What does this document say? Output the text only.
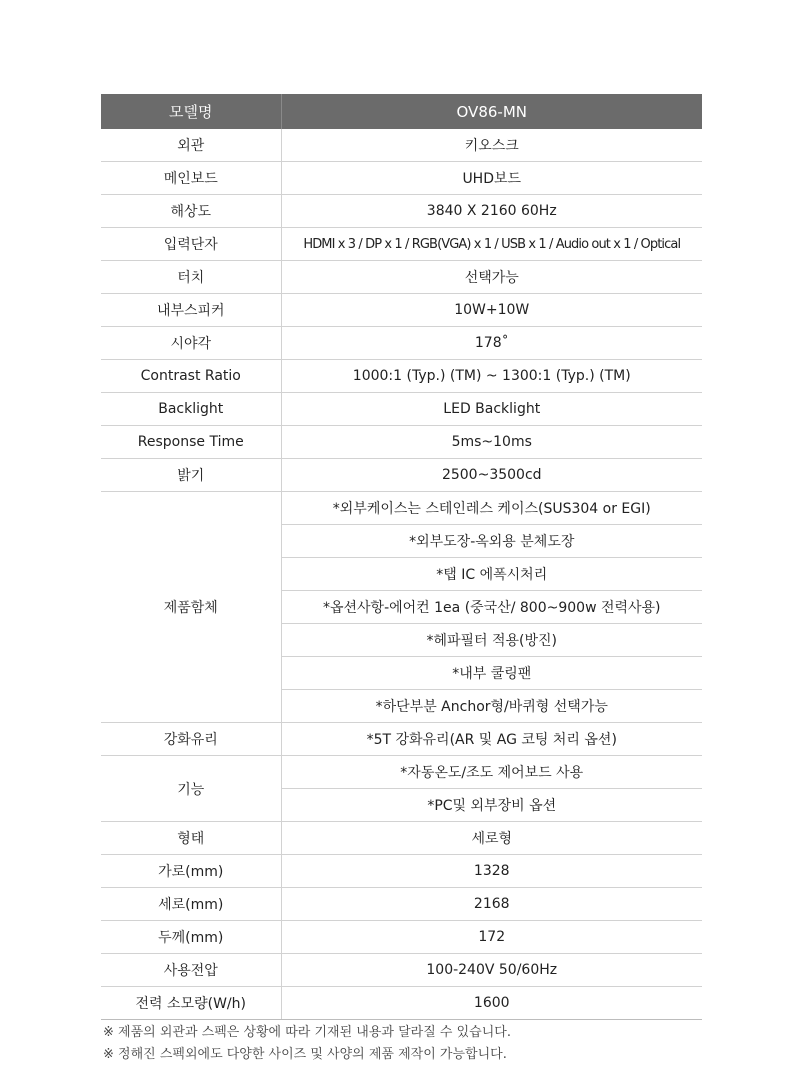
모델명	OV86-MN
외관	키오스크
메인보드	UHD보드
해상도	3840 X 2160 60Hz
입력단자	HDMI x 3 / DP x 1 / RGB(VGA) x 1 / USB x 1 / Audio out x 1 / Optical
터치	선택가능
내부스피커	10W+10W
시야각	178˚
Contrast Ratio	1000:1 (Typ.) (TM) ~ 1300:1 (Typ.) (TM)
Backlight	LED Backlight
Response Time	5ms~10ms
밝기	2500~3500cd
제품함체	*외부케이스는 스테인레스 케이스(SUS304 or EGI)
	*외부도장-옥외용 분체도장
	*탭 IC 에폭시처리
	*옵션사항-에어컨 1ea (중국산/ 800~900w 전력사용)
	*헤파필터 적용(방진)
	*내부 쿨링팬
	*하단부분 Anchor형/바퀴형 선택가능
강화유리	*5T 강화유리(AR 및 AG 코팅 처리 옵션)
기능	*자동온도/조도 제어보드 사용
	*PC및 외부장비 옵션
형태	세로형
가로(mm)	1328
세로(mm)	2168
두께(mm)	172
사용전압	100-240V 50/60Hz
전력 소모량(W/h)	1600
※ 제품의 외관과 스펙은 상황에 따라 기재된 내용과 달라질 수 있습니다.
※ 정해진 스펙외에도 다양한 사이즈 및 사양의 제품 제작이 가능합니다.
